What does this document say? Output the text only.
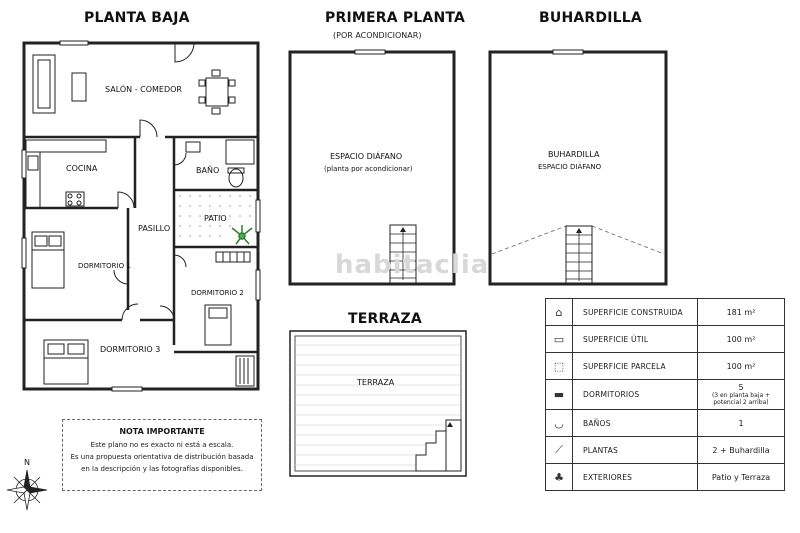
PLANTA BAJA	PRIMERA PLANTA
(POR ACONDICIONAR)
BUHARDILLA
TERRAZA
SALÓN - COMEDOR
COCINA	BAÑO
PATIO
PASILLO
DORMITORIO 1
DORMITORIO 2
DORMITORIO 3
ESPACIO DIÁFANO
(planta por acondicionar)
BUHARDILLA
ESPACIO DIÁFANO
TERRAZA
habitaclia
N
NOTA IMPORTANTE
Este plano no es exacto ni está a escala.
Es una propuesta orientativa de distribución basada
en la descripción y las fotografías disponibles.
⌂	SUPERFICIE CONSTRUIDA	181 m²
▭	SUPERFICIE ÚTIL	100 m²
⬚	SUPERFICIE PARCELA	100 m²
▬	DORMITORIOS	5
(3 en planta baja + potencial 2 arriba)

◡	BAÑOS	1
⟋	PLANTAS	2 + Buhardilla
♣	EXTERIORES	Patio y Terraza
